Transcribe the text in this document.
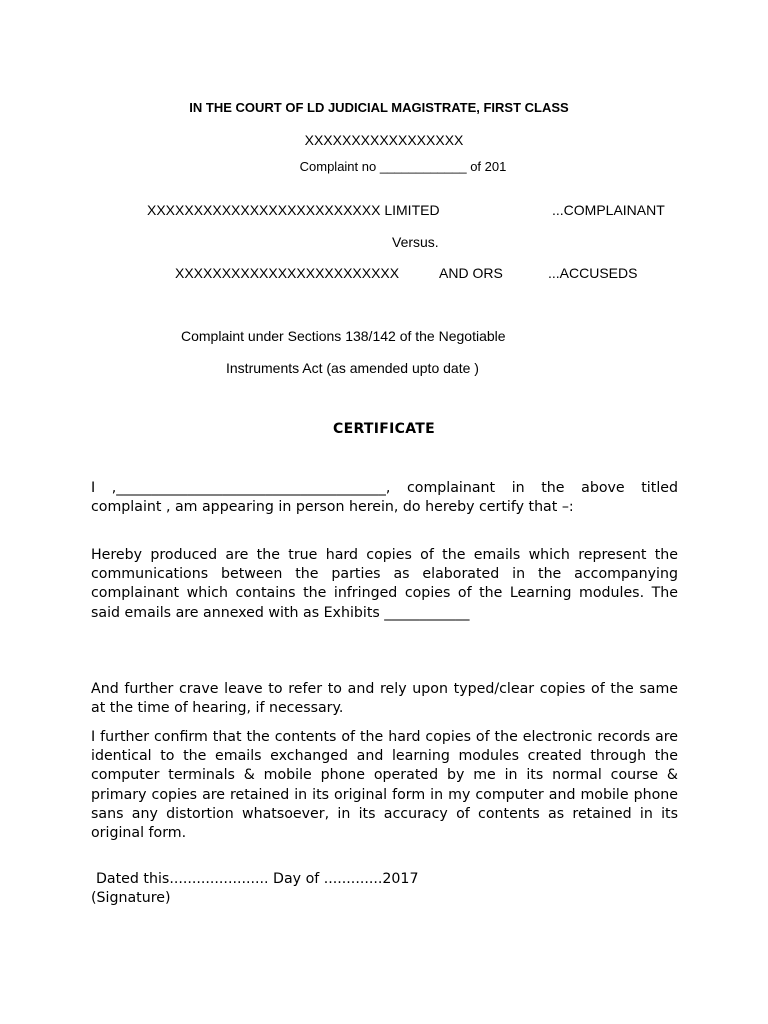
IN THE COURT OF LD JUDICIAL MAGISTRATE, FIRST CLASS
XXXXXXXXXXXXXXXXX
Complaint no ____________ of 201
XXXXXXXXXXXXXXXXXXXXXXXXX LIMITED	...COMPLAINANT
Versus.
XXXXXXXXXXXXXXXXXXXXXXXX	AND ORS	...ACCUSEDS
Complaint under Sections 138/142 of the Negotiable
Instruments Act (as amended upto date )
CERTIFICATE

I ,______________________________________, complainant in the above titled complaint , am appearing in person herein, do hereby certify that –:

Hereby produced are the true hard copies of the emails which represent the communications between the parties as elaborated in the accompanying complainant which contains the infringed copies of the Learning modules. The said emails are annexed with as Exhibits ____________

And further crave leave to refer to and rely upon typed/clear copies of the same at the time of hearing, if necessary.

I further confirm that the contents of the hard copies of the electronic records are identical to the emails exchanged and learning modules created through the computer terminals & mobile phone operated by me in its normal course & primary copies are retained in its original form in my computer and mobile phone sans any distortion whatsoever, in its accuracy of contents as retained in its original form.

Dated this...................... Day of .............2017
(Signature)
